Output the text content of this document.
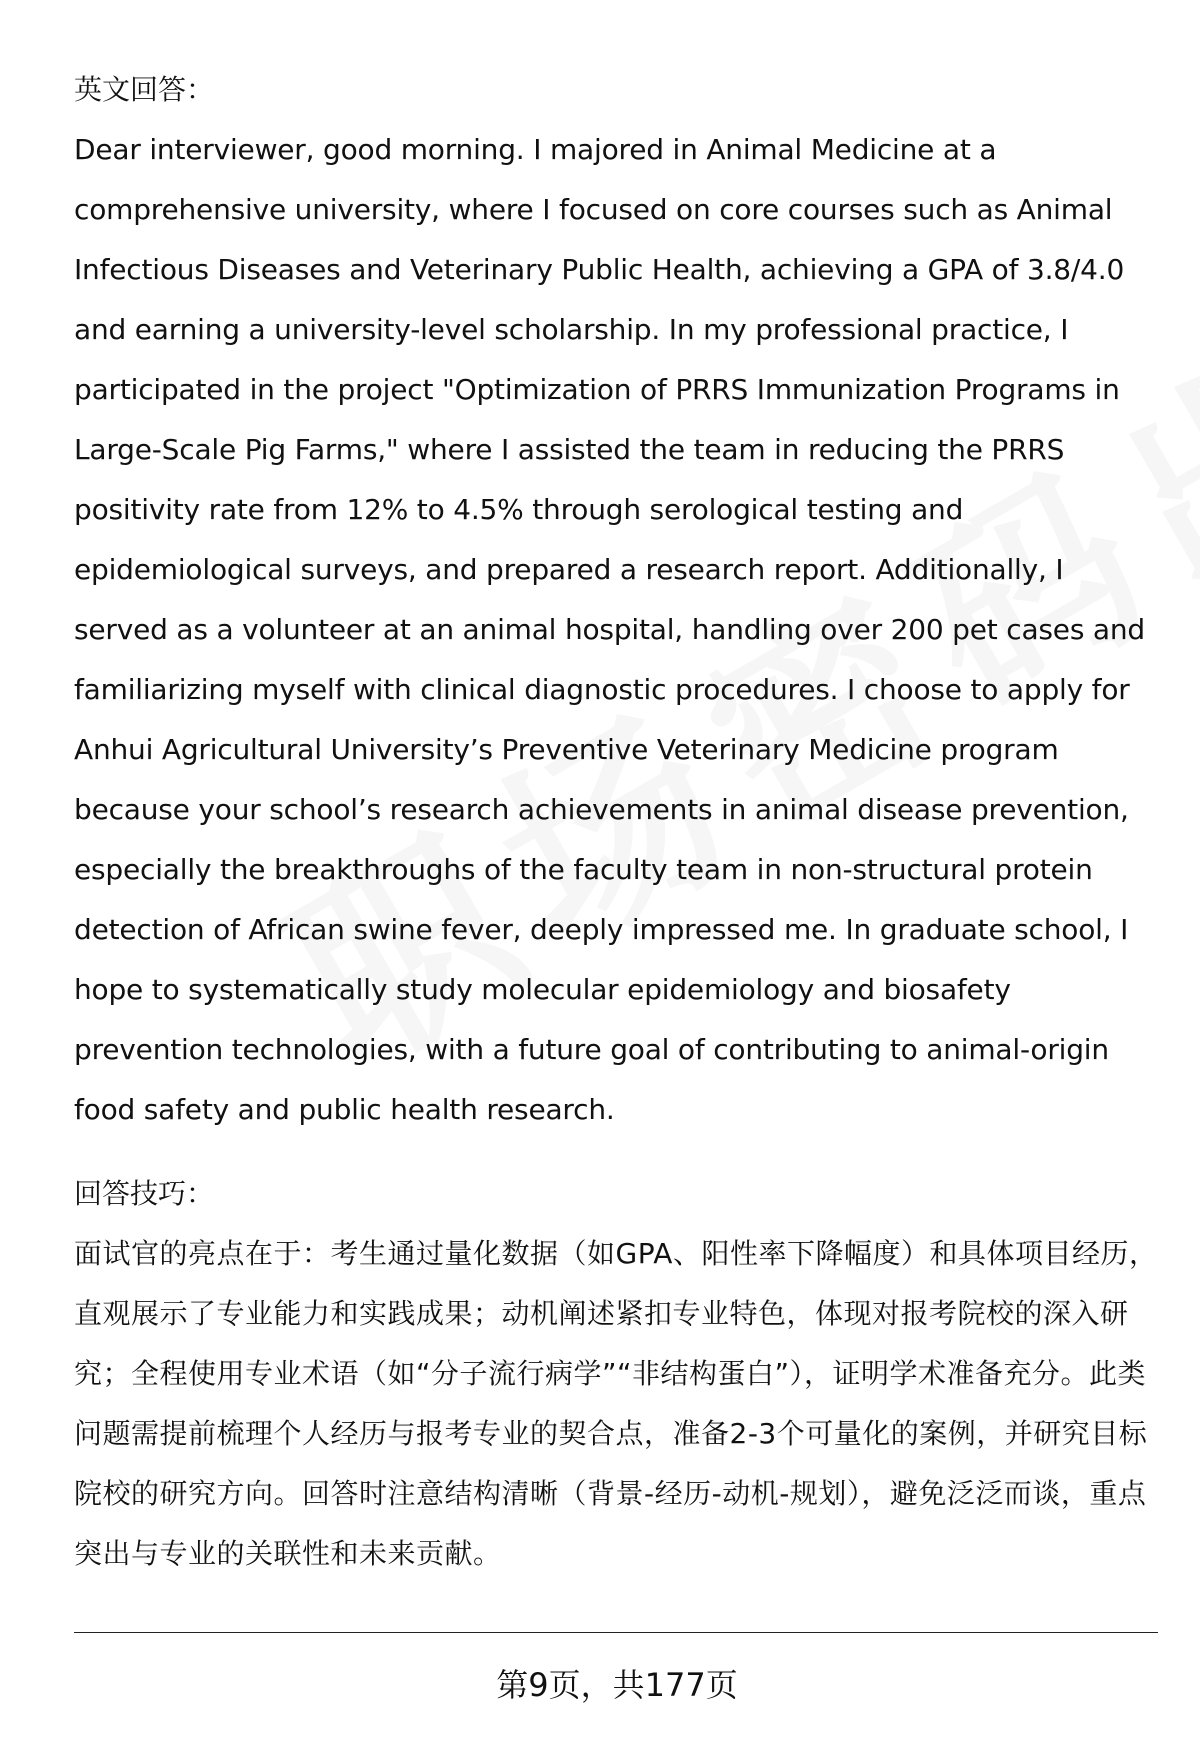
英文回答：

Dear interviewer, good morning. I majored in Animal Medicine at a comprehensive university, where I focused on core courses such as Animal Infectious Diseases and Veterinary Public Health, achieving a GPA of 3.8/4.0 and earning a university-level scholarship. In my professional practice, I participated in the project "Optimization of PRRS Immunization Programs in Large-Scale Pig Farms," where I assisted the team in reducing the PRRS positivity rate from 12% to 4.5% through serological testing and epidemiological surveys, and prepared a research report. Additionally, I served as a volunteer at an animal hospital, handling over 200 pet cases and familiarizing myself with clinical diagnostic procedures. I choose to apply for Anhui Agricultural University’s Preventive Veterinary Medicine program because your school’s research achievements in animal disease prevention, especially the breakthroughs of the faculty team in non-structural protein detection of African swine fever, deeply impressed me. In graduate school, I hope to systematically study molecular epidemiology and biosafety prevention technologies, with a future goal of contributing to animal-origin food safety and public health research.

回答技巧：

面试官的亮点在于：考生通过量化数据（如GPA、阳性率下降幅度）和具体项目经历，直观展示了专业能力和实践成果；动机阐述紧扣专业特色，体现对报考院校的深入研究；全程使用专业术语（如“分子流行病学”“非结构蛋白”），证明学术准备充分。此类问题需提前梳理个人经历与报考专业的契合点，准备2-3个可量化的案例，并研究目标院校的研究方向。回答时注意结构清晰（背景-经历-动机-规划），避免泛泛而谈，重点突出与专业的关联性和未来贡献。

第9页，共177页
